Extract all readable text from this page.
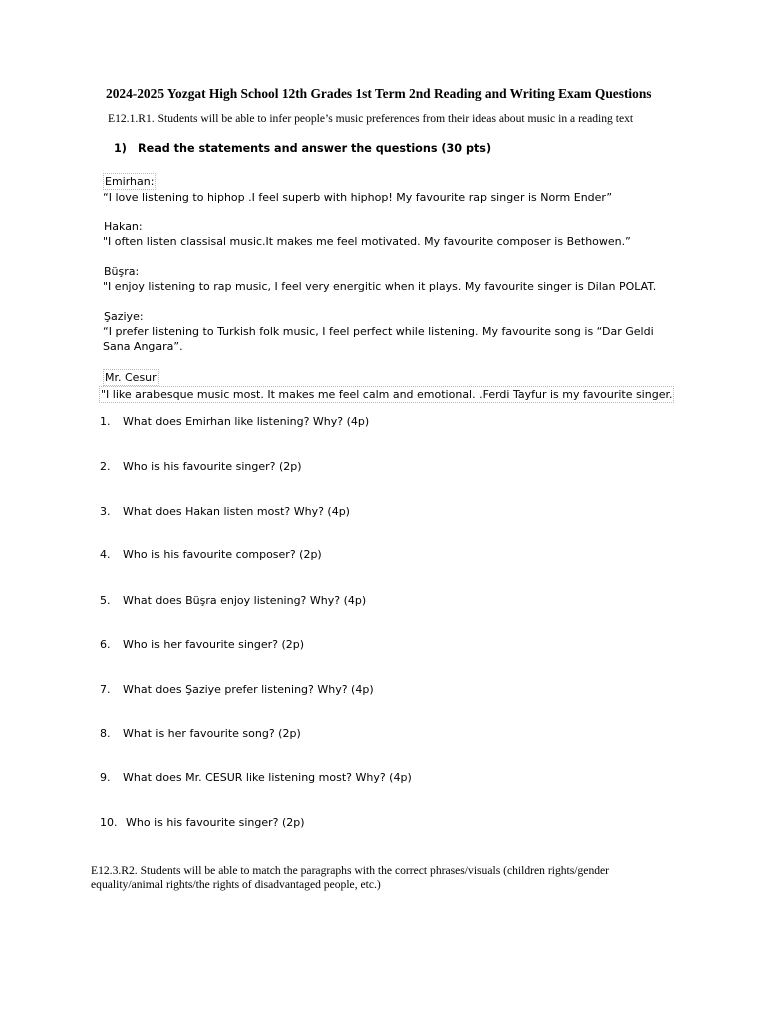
2024-2025 Yozgat High School 12th Grades 1st Term 2nd Reading and Writing Exam Questions
E12.1.R1. Students will be able to infer people’s music preferences from their ideas about music in a reading text
1) Read the statements and answer the questions (30 pts)
Emirhan:
“I love listening to hiphop .I feel superb with hiphop! My favourite rap singer is Norm Ender”
Hakan:
"I often listen classisal music.It makes me feel motivated. My favourite composer is Bethowen.”
Büşra:
"I enjoy listening to rap music, I feel very energitic when it plays. My favourite singer is Dilan POLAT.
Şaziye:
“I prefer listening to Turkish folk music, I feel perfect while listening. My favourite song is “Dar Geldi Sana Angara”.
Mr. Cesur "I like arabesque music most. It makes me feel calm and emotional. .Ferdi Tayfur is my favourite singer.
1. What does Emirhan like listening? Why? (4p)
2. Who is his favourite singer? (2p)
3. What does Hakan listen most? Why? (4p)
4. Who is his favourite composer? (2p)
5. What does Büşra enjoy listening? Why? (4p)
6. Who is her favourite singer? (2p)
7. What does Şaziye prefer listening? Why? (4p)
8. What is her favourite song? (2p)
9. What does Mr. CESUR like listening most? Why? (4p)
10. Who is his favourite singer? (2p)
E12.3.R2. Students will be able to match the paragraphs with the correct phrases/visuals (children rights/gender equality/animal rights/the rights of disadvantaged people, etc.)
